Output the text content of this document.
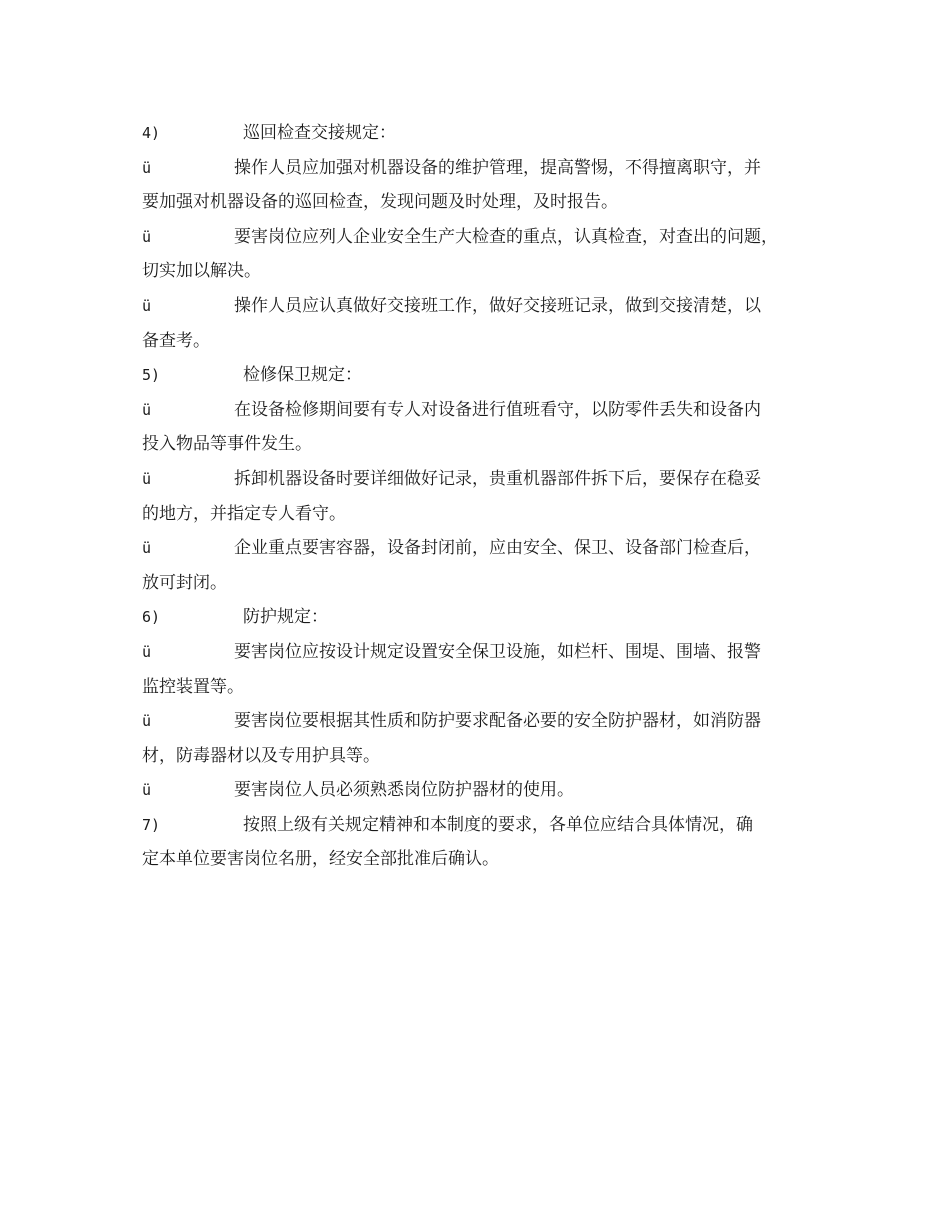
4)	巡回检查交接规定：
ü	操作人员应加强对机器设备的维护管理，提高警惕，不得擅离职守，并
要加强对机器设备的巡回检查，发现问题及时处理，及时报告。
ü	要害岗位应列人企业安全生产大检查的重点，认真检查，对查出的问题，
切实加以解决。
ü	操作人员应认真做好交接班工作，做好交接班记录，做到交接清楚，以
备查考。
5)	检修保卫规定：
ü	在设备检修期间要有专人对设备进行值班看守，以防零件丢失和设备内
投入物品等事件发生。
ü	拆卸机器设备时要详细做好记录，贵重机器部件拆下后，要保存在稳妥
的地方，并指定专人看守。
ü	企业重点要害容器，设备封闭前，应由安全、保卫、设备部门检查后，
放可封闭。
6)	防护规定：
ü	要害岗位应按设计规定设置安全保卫设施，如栏杆、围堤、围墙、报警
监控装置等。
ü	要害岗位要根据其性质和防护要求配备必要的安全防护器材，如消防器
材，防毒器材以及专用护具等。
ü	要害岗位人员必须熟悉岗位防护器材的使用。
7)	按照上级有关规定精神和本制度的要求，各单位应结合具体情况，确
定本单位要害岗位名册，经安全部批准后确认。
